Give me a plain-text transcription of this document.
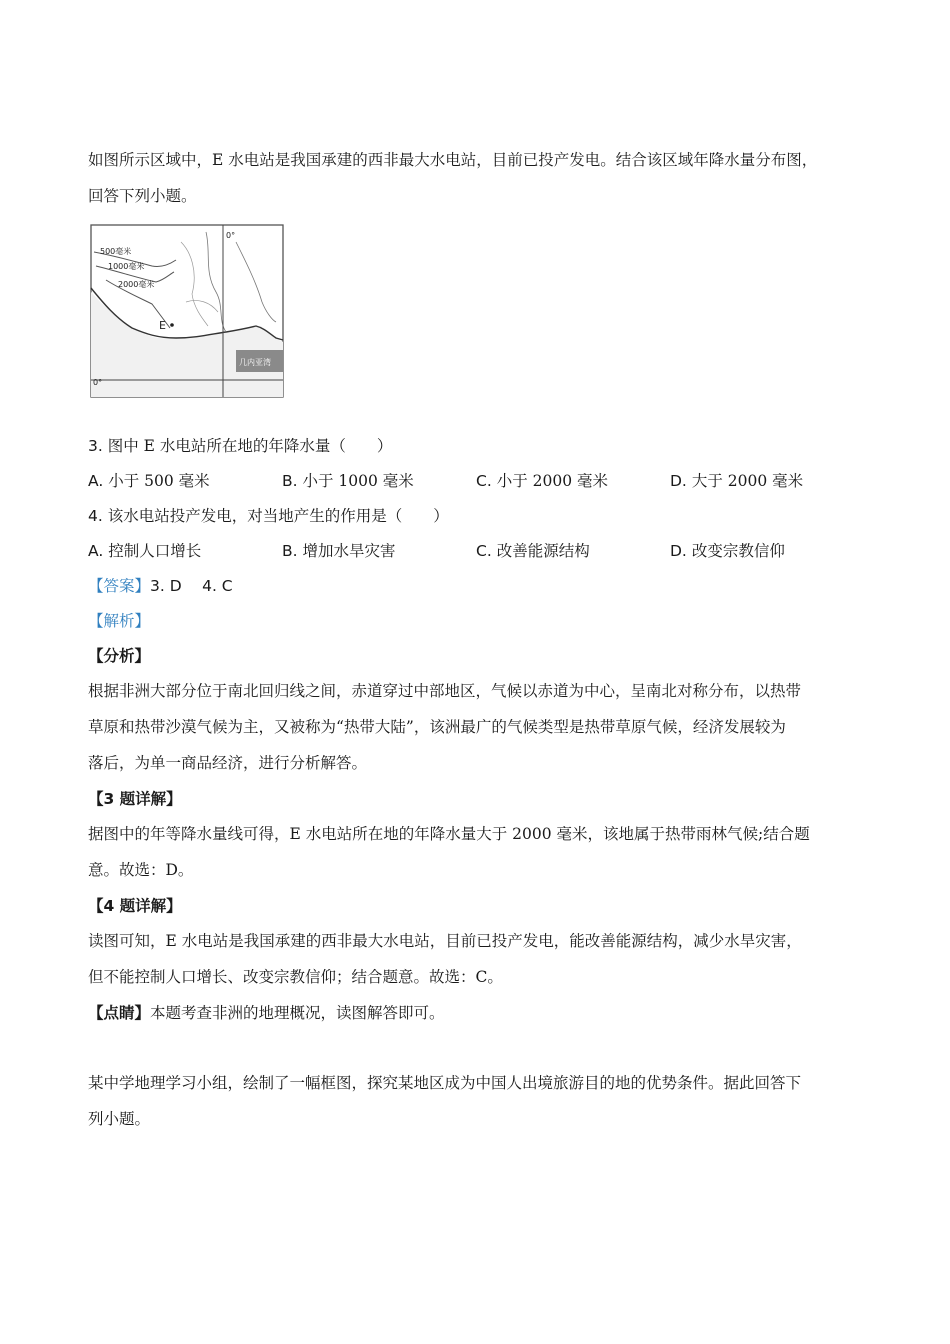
如图所示区域中，E 水电站是我国承建的西非最大水电站，目前已投产发电。结合该区域年降水量分布图，
回答下列小题。
500毫米
1000毫米
2000毫米
E
几内亚湾
0°
0°
3. 图中 E 水电站所在地的年降水量（　　）
A. 小于 500 毫米	B. 小于 1000 毫米	C. 小于 2000 毫米	D. 大于 2000 毫米
4. 该水电站投产发电，对当地产生的作用是（　　）
A. 控制人口增长	B. 增加水旱灾害	C. 改善能源结构	D. 改变宗教信仰
【答案】3. D　 4. C
【解析】
【分析】
根据非洲大部分位于南北回归线之间，赤道穿过中部地区，气候以赤道为中心，呈南北对称分布，以热带
草原和热带沙漠气候为主，又被称为“热带大陆”，该洲最广的气候类型是热带草原气候，经济发展较为
落后，为单一商品经济，进行分析解答。
【3 题详解】
据图中的年等降水量线可得，E 水电站所在地的年降水量大于 2000 毫米，该地属于热带雨林气候;结合题
意。故选：D。
【4 题详解】
读图可知，E 水电站是我国承建的西非最大水电站，目前已投产发电，能改善能源结构，减少水旱灾害，
但不能控制人口增长、改变宗教信仰；结合题意。故选：C。
【点睛】本题考查非洲的地理概况，读图解答即可。
某中学地理学习小组，绘制了一幅框图，探究某地区成为中国人出境旅游目的地的优势条件。据此回答下
列小题。
